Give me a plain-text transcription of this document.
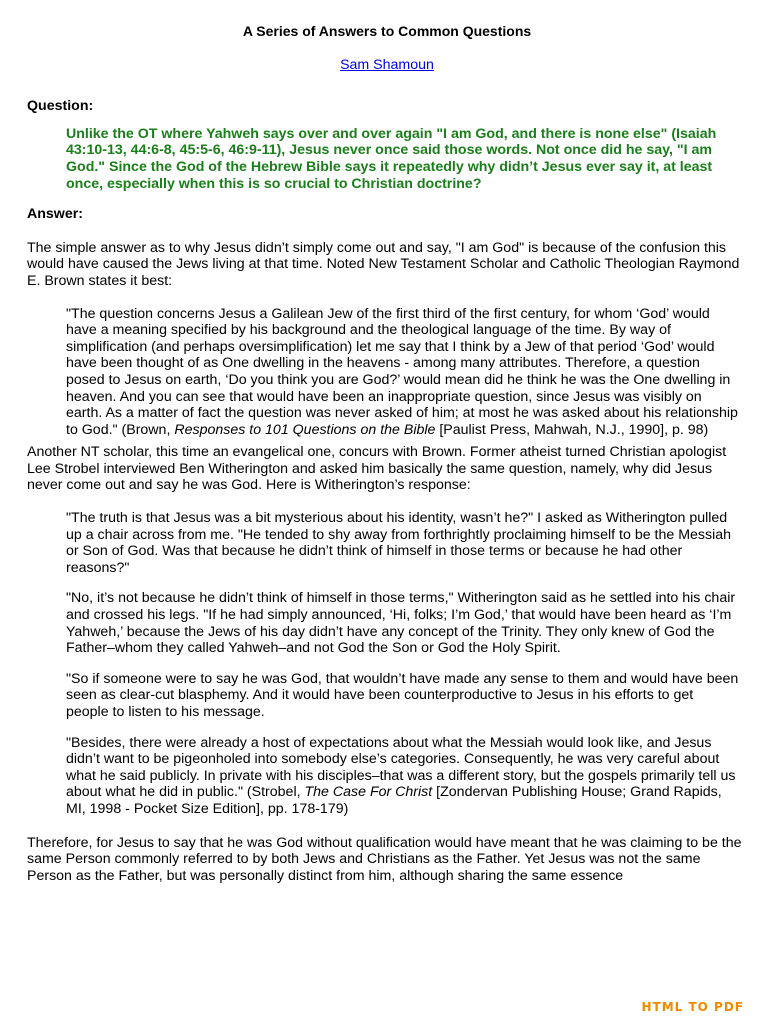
A Series of Answers to Common Questions

Sam Shamoun

Question:

Unlike the OT where Yahweh says over and over again "I am God, and there is none else" (Isaiah 43:10-13, 44:6-8, 45:5-6, 46:9-11), Jesus never once said those words. Not once did he say, "I am God." Since the God of the Hebrew Bible says it repeatedly why didn’t Jesus ever say it, at least once, especially when this is so crucial to Christian doctrine?

Answer:

The simple answer as to why Jesus didn’t simply come out and say, "I am God" is because of the confusion this would have caused the Jews living at that time. Noted New Testament Scholar and Catholic Theologian Raymond E. Brown states it best:

"The question concerns Jesus a Galilean Jew of the first third of the first century, for whom ‘God’ would have a meaning specified by his background and the theological language of the time. By way of simplification (and perhaps oversimplification) let me say that I think by a Jew of that period ‘God’ would have been thought of as One dwelling in the heavens - among many attributes. Therefore, a question posed to Jesus on earth, ‘Do you think you are God?’ would mean did he think he was the One dwelling in heaven. And you can see that would have been an inappropriate question, since Jesus was visibly on earth. As a matter of fact the question was never asked of him; at most he was asked about his relationship to God." (Brown, Responses to 101 Questions on the Bible [Paulist Press, Mahwah, N.J., 1990], p. 98)

Another NT scholar, this time an evangelical one, concurs with Brown. Former atheist turned Christian apologist Lee Strobel interviewed Ben Witherington and asked him basically the same question, namely, why did Jesus never come out and say he was God. Here is Witherington’s response:

"The truth is that Jesus was a bit mysterious about his identity, wasn’t he?" I asked as Witherington pulled up a chair across from me. "He tended to shy away from forthrightly proclaiming himself to be the Messiah or Son of God. Was that because he didn’t think of himself in those terms or because he had other reasons?"

"No, it’s not because he didn’t think of himself in those terms," Witherington said as he settled into his chair and crossed his legs. "If he had simply announced, ‘Hi, folks; I’m God,’ that would have been heard as ‘I’m Yahweh,’ because the Jews of his day didn’t have any concept of the Trinity. They only knew of God the Father–whom they called Yahweh–and not God the Son or God the Holy Spirit.

"So if someone were to say he was God, that wouldn’t have made any sense to them and would have been seen as clear-cut blasphemy. And it would have been counterproductive to Jesus in his efforts to get people to listen to his message.

"Besides, there were already a host of expectations about what the Messiah would look like, and Jesus didn’t want to be pigeonholed into somebody else’s categories. Consequently, he was very careful about what he said publicly. In private with his disciples–that was a different story, but the gospels primarily tell us about what he did in public." (Strobel, The Case For Christ [Zondervan Publishing House; Grand Rapids, MI, 1998 - Pocket Size Edition], pp. 178-179)

Therefore, for Jesus to say that he was God without qualification would have meant that he was claiming to be the same Person commonly referred to by both Jews and Christians as the Father. Yet Jesus was not the same Person as the Father, but was personally distinct from him, although sharing the same essence

HTML TO PDF
